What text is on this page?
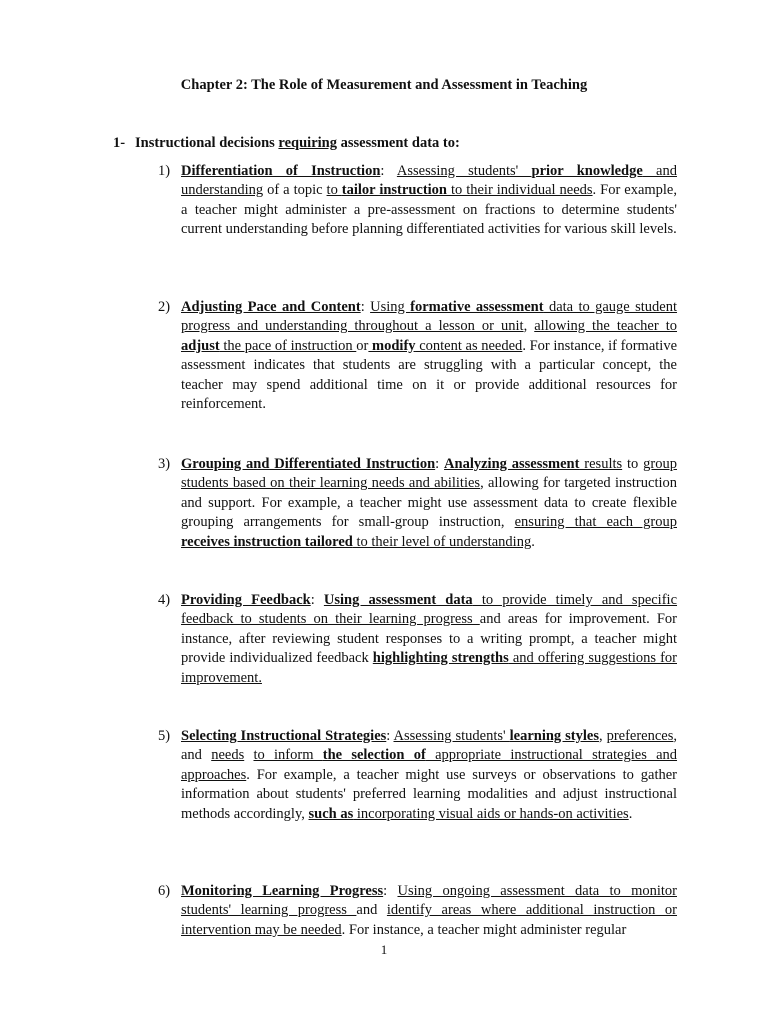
Chapter 2: The Role of Measurement and Assessment in Teaching

1- Instructional decisions requiring assessment data to:

1) Differentiation of Instruction: Assessing students' prior knowledge and understanding of a topic to tailor instruction to their individual needs. For example, a teacher might administer a pre-assessment on fractions to determine students' current understanding before planning differentiated activities for various skill levels.

2) Adjusting Pace and Content: Using formative assessment data to gauge student progress and understanding throughout a lesson or unit, allowing the teacher to adjust the pace of instruction or modify content as needed. For instance, if formative assessment indicates that students are struggling with a particular concept, the teacher may spend additional time on it or provide additional resources for reinforcement.

3) Grouping and Differentiated Instruction: Analyzing assessment results to group students based on their learning needs and abilities, allowing for targeted instruction and support. For example, a teacher might use assessment data to create flexible grouping arrangements for small-group instruction, ensuring that each group receives instruction tailored to their level of understanding.

4) Providing Feedback: Using assessment data to provide timely and specific feedback to students on their learning progress and areas for improvement. For instance, after reviewing student responses to a writing prompt, a teacher might provide individualized feedback highlighting strengths and offering suggestions for improvement.

5) Selecting Instructional Strategies: Assessing students' learning styles, preferences, and needs to inform the selection of appropriate instructional strategies and approaches. For example, a teacher might use surveys or observations to gather information about students' preferred learning modalities and adjust instructional methods accordingly, such as incorporating visual aids or hands-on activities.

6) Monitoring Learning Progress: Using ongoing assessment data to monitor students' learning progress and identify areas where additional instruction or intervention may be needed. For instance, a teacher might administer regular

1
